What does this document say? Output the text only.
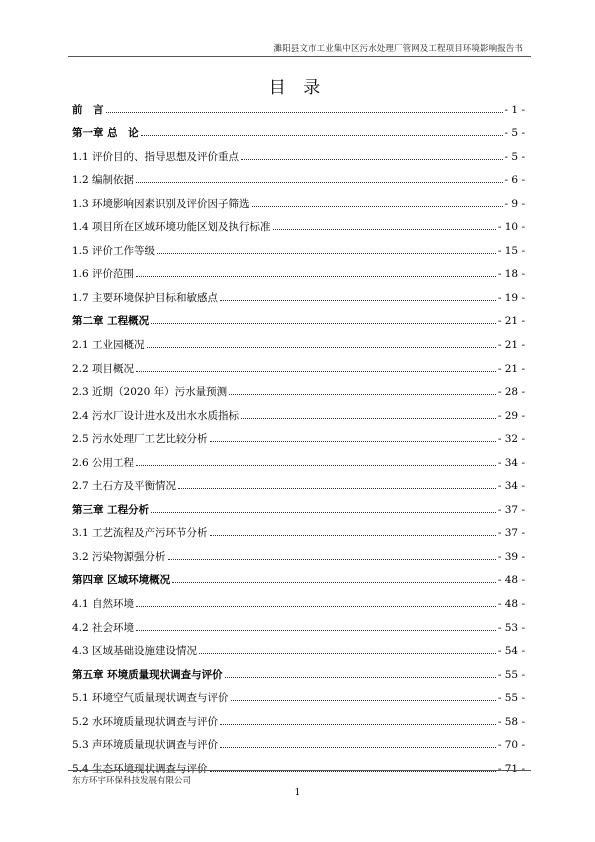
濉阳县文市工业集中区污水处理厂管网及工程项目环境影响报告书
目 录
前　言	- 1 -
第一章 总　论	- 5 -
1.1 评价目的、指导思想及评价重点	- 5 -
1.2 编制依据	- 6 -
1.3 环境影响因素识别及评价因子筛选	- 9 -
1.4 项目所在区域环境功能区划及执行标准	- 10 -
1.5 评价工作等级	- 15 -
1.6 评价范围	- 18 -
1.7 主要环境保护目标和敏感点	- 19 -
第二章 工程概况	- 21 -
2.1 工业园概况	- 21 -
2.2 项目概况	- 21 -
2.3 近期（2020 年）污水量预测	- 28 -
2.4 污水厂设计进水及出水水质指标	- 29 -
2.5 污水处理厂工艺比较分析	- 32 -
2.6 公用工程	- 34 -
2.7 土石方及平衡情况	- 34 -
第三章 工程分析	- 37 -
3.1 工艺流程及产污环节分析	- 37 -
3.2 污染物源强分析	- 39 -
第四章 区域环境概况	- 48 -
4.1 自然环境	- 48 -
4.2 社会环境	- 53 -
4.3 区域基础设施建设情况	- 54 -
第五章 环境质量现状调查与评价	- 55 -
5.1 环境空气质量现状调查与评价	- 55 -
5.2 水环境质量现状调查与评价	- 58 -
5.3 声环境质量现状调查与评价	- 70 -
5.4 生态环境现状调查与评价	- 71 -
东方环宇环保科技发展有限公司
1
